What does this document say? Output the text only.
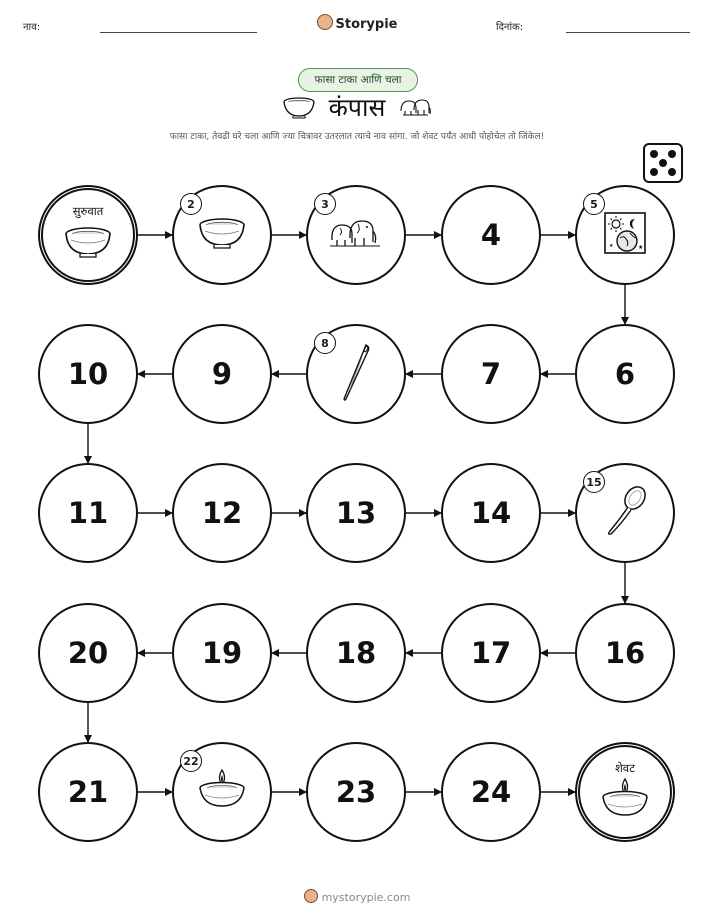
नाव:	Storypie	दिनांक:
फासा टाका आणि चला
कंपास
फासा टाका, तेवढी घरे चला आणि ज्या चित्रावर उतरलात त्याचे नाव सांगा. जो शेवट पर्यंत आधी पोहोचेल तो जिंकेल!
सुरुवात	2	3
4	★
★
5
6
7
8
9
10
11	12	13	14
15
16
17
18
19
20
21
22
23	24
शेवट
mystorypie.com
